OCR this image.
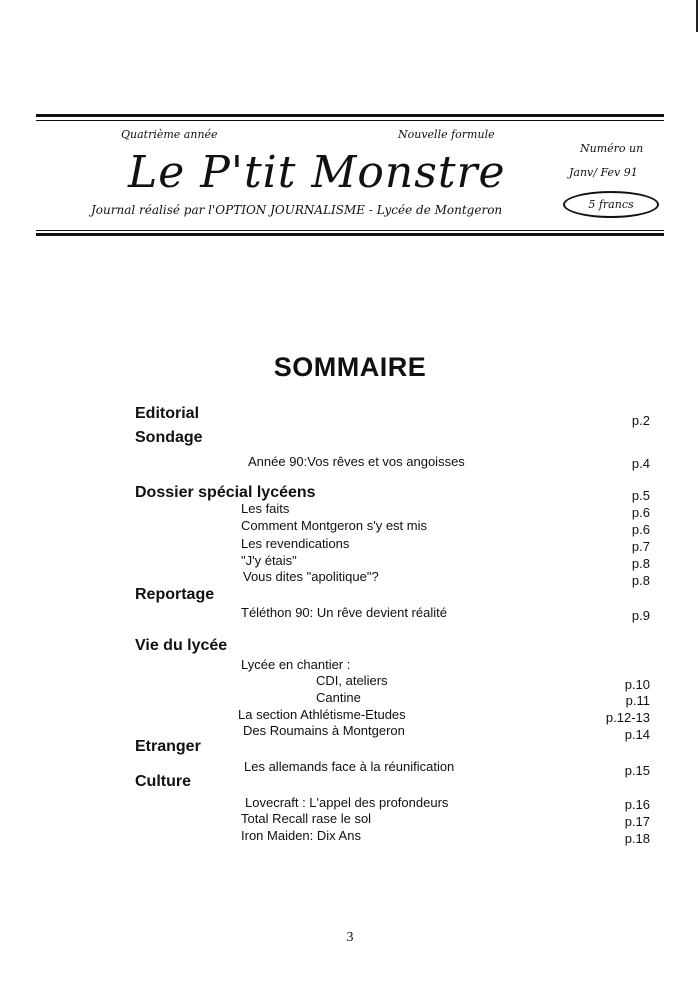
Quatrième année	Nouvelle formule
Le P'tit Monstre
Journal réalisé par l'OPTION JOURNALISME - Lycée de Montgeron
Numéro un
Janv/ Fev 91
5 francs
SOMMAIRE
Editorial	p.2
Sondage
Année 90:Vos rêves et vos angoisses	p.4
Dossier spécial lycéens	p.5
Les faits	p.6
Comment Montgeron s'y est mis	p.6
Les revendications	p.7
"J'y étais"	p.8
Vous dites "apolitique"?	p.8
Reportage
Téléthon 90: Un rêve devient réalité	p.9
Vie du lycée
Lycée en chantier :
CDI, ateliers	p.10
Cantine	p.11
La section Athlétisme-Etudes	p.12-13
Des Roumains à Montgeron	p.14
Etranger
Culture
Les allemands face à la réunification	p.15
Lovecraft : L'appel des profondeurs	p.16
Total Recall rase le sol	p.17
Iron Maiden: Dix Ans	p.18
3
